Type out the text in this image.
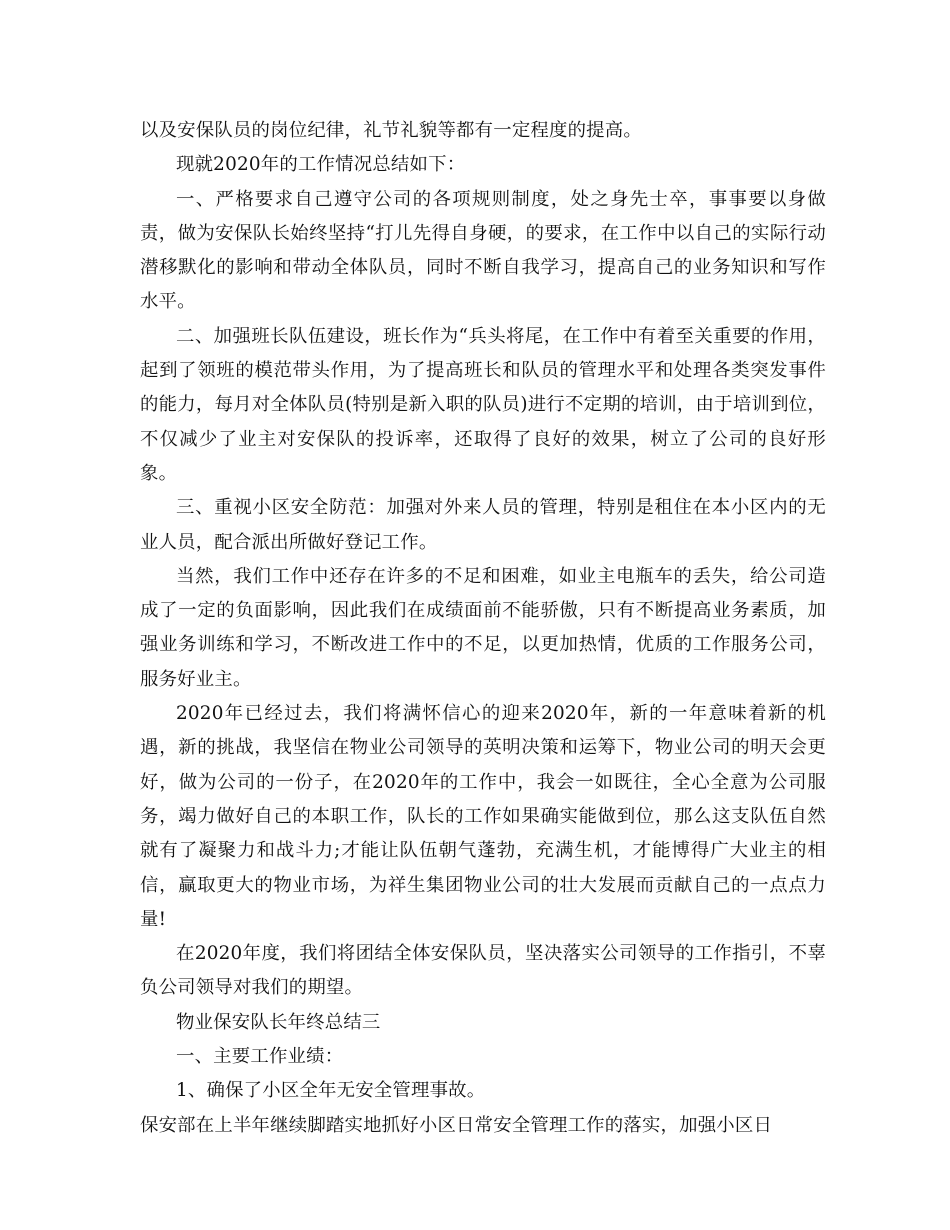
以及安保队员的岗位纪律，礼节礼貌等都有一定程度的提高。

现就2020年的工作情况总结如下：

一、严格要求自己遵守公司的各项规则制度，处之身先士卒，事事要以身做责，做为安保队长始终坚持“打儿先得自身硬，的要求，在工作中以自己的实际行动潜移默化的影响和带动全体队员，同时不断自我学习，提高自己的业务知识和写作水平。

二、加强班长队伍建设，班长作为“兵头将尾，在工作中有着至关重要的作用，起到了领班的模范带头作用，为了提高班长和队员的管理水平和处理各类突发事件的能力，每月对全体队员(特别是新入职的队员)进行不定期的培训，由于培训到位，不仅减少了业主对安保队的投诉率，还取得了良好的效果，树立了公司的良好形象。

三、重视小区安全防范：加强对外来人员的管理，特别是租住在本小区内的无业人员，配合派出所做好登记工作。

当然，我们工作中还存在许多的不足和困难，如业主电瓶车的丢失，给公司造成了一定的负面影响，因此我们在成绩面前不能骄傲，只有不断提高业务素质，加强业务训练和学习，不断改进工作中的不足，以更加热情，优质的工作服务公司，服务好业主。

2020年已经过去，我们将满怀信心的迎来2020年，新的一年意味着新的机遇，新的挑战，我坚信在物业公司领导的英明决策和运筹下，物业公司的明天会更好，做为公司的一份子，在2020年的工作中，我会一如既往，全心全意为公司服务，竭力做好自己的本职工作，队长的工作如果确实能做到位，那么这支队伍自然就有了凝聚力和战斗力;才能让队伍朝气蓬勃，充满生机，才能博得广大业主的相信，赢取更大的物业市场，为祥生集团物业公司的壮大发展而贡献自己的一点点力量!

在2020年度，我们将团结全体安保队员，坚决落实公司领导的工作指引，不辜负公司领导对我们的期望。

物业保安队长年终总结三

一、主要工作业绩：

1、确保了小区全年无安全管理事故。

保安部在上半年继续脚踏实地抓好小区日常安全管理工作的落实，加强小区日
